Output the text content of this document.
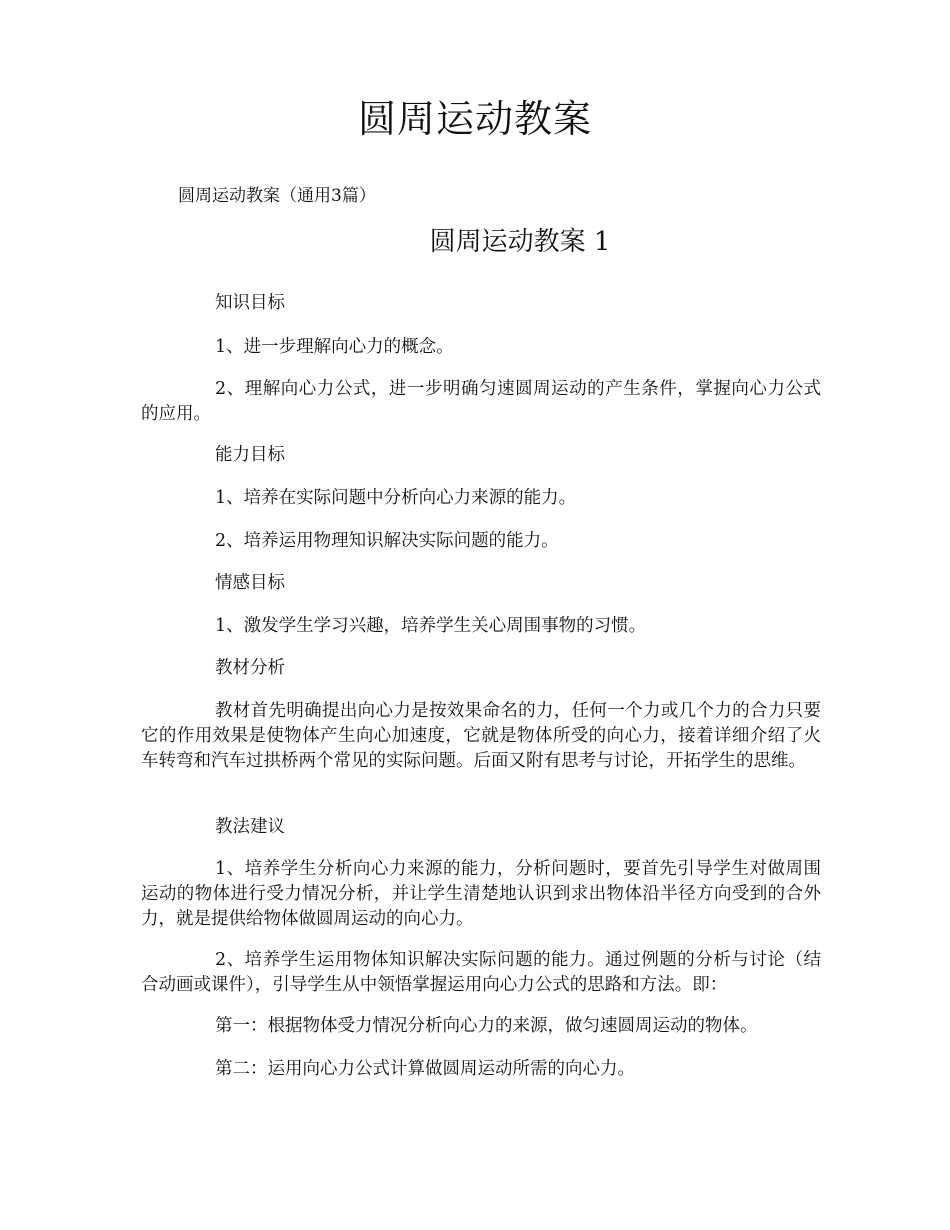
圆周运动教案
圆周运动教案（通用3篇）
圆周运动教案 1

知识目标

1、进一步理解向心力的概念。

2、理解向心力公式，进一步明确匀速圆周运动的产生条件，掌握向心力公式的应用。

能力目标

1、培养在实际问题中分析向心力来源的能力。

2、培养运用物理知识解决实际问题的能力。

情感目标

1、激发学生学习兴趣，培养学生关心周围事物的习惯。

教材分析

教材首先明确提出向心力是按效果命名的力，任何一个力或几个力的合力只要它的作用效果是使物体产生向心加速度，它就是物体所受的向心力，接着详细介绍了火车转弯和汽车过拱桥两个常见的实际问题。后面又附有思考与讨论，开拓学生的思维。

教法建议

1、培养学生分析向心力来源的能力，分析问题时，要首先引导学生对做周围运动的物体进行受力情况分析，并让学生清楚地认识到求出物体沿半径方向受到的合外力，就是提供给物体做圆周运动的向心力。

2、培养学生运用物体知识解决实际问题的能力。通过例题的分析与讨论（结合动画或课件），引导学生从中领悟掌握运用向心力公式的思路和方法。即：

第一：根据物体受力情况分析向心力的来源，做匀速圆周运动的物体。

第二：运用向心力公式计算做圆周运动所需的向心力。
